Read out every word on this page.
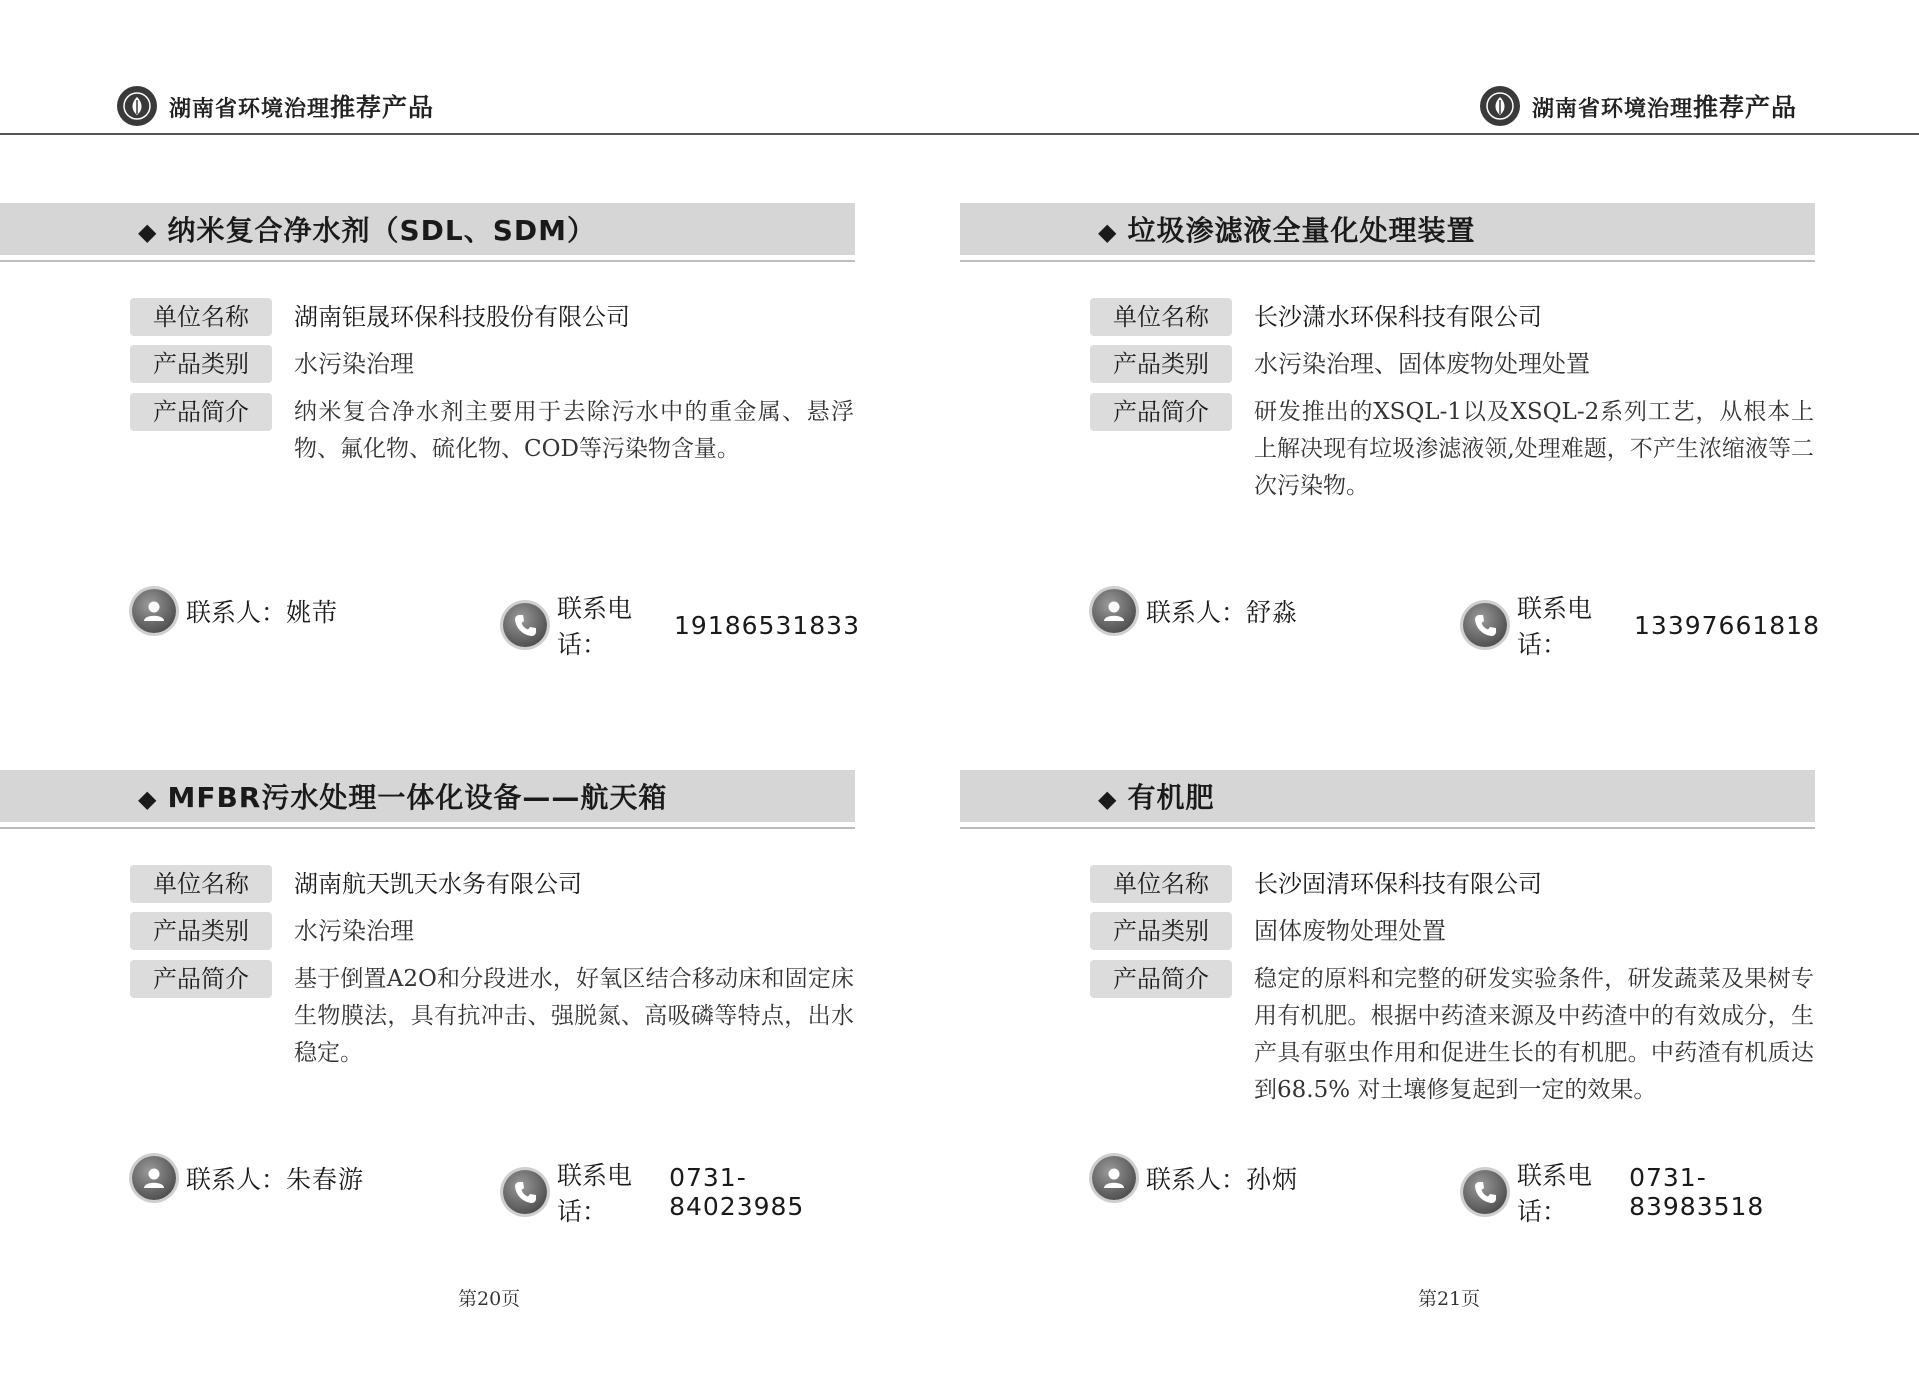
湖南省环境治理推荐产品	湖南省环境治理推荐产品
◆ 纳米复合净水剂（SDL、SDM）
单位名称	湖南钜晟环保科技股份有限公司
产品类别	水污染治理
产品简介	纳米复合净水剂主要用于去除污水中的重金属、悬浮物、氟化物、硫化物、COD等污染物含量。
联系人： 姚芾	联系电话：
19186531833
◆ 垃圾渗滤液全量化处理装置
单位名称	长沙潇水环保科技有限公司
产品类别	水污染治理、固体废物处理处置
产品简介	研发推出的XSQL-1以及XSQL-2系列工艺，从根本上上解决现有垃圾渗滤液领,处理难题，不产生浓缩液等二次污染物。
联系人： 舒淼	联系电话：
13397661818
◆ MFBR污水处理一体化设备——航天箱
单位名称	湖南航天凯天水务有限公司
产品类别	水污染治理
产品简介	基于倒置A2O和分段进水，好氧区结合移动床和固定床生物膜法，具有抗冲击、强脱氮、高吸磷等特点，出水稳定。
联系人： 朱春游	联系电话：
0731-84023985
◆ 有机肥
单位名称	长沙固清环保科技有限公司
产品类别	固体废物处理处置
产品简介	稳定的原料和完整的研发实验条件，研发蔬菜及果树专用有机肥。根据中药渣来源及中药渣中的有效成分，生产具有驱虫作用和促进生长的有机肥。中药渣有机质达到68.5% 对土壤修复起到一定的效果。
联系人： 孙炳	联系电话：
0731-83983518
第20页	第21页
